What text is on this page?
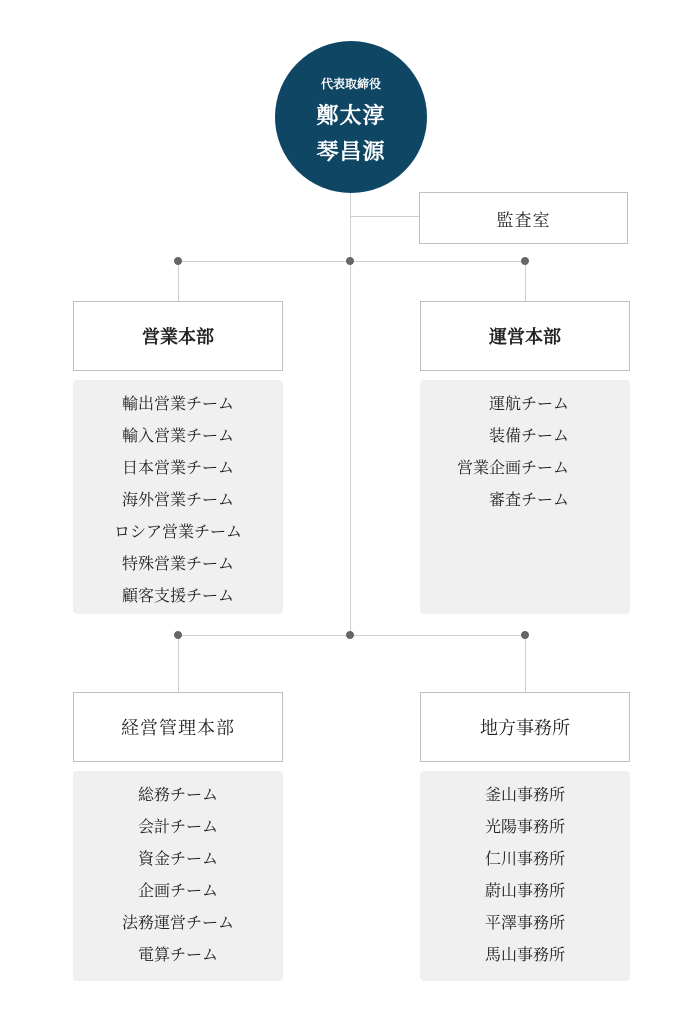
代表取締役
鄭太淳
琴昌源
監査室
営業本部	運営本部
経営管理本部	地方事務所
輸出営業チーム
輸入営業チーム
日本営業チーム
海外営業チーム
ロシア営業チーム
特殊営業チーム
顧客支援チーム
運航チーム
装備チーム
営業企画チーム
審査チーム
総務チーム
会計チーム
資金チーム
企画チーム
法務運営チーム
電算チーム
釜山事務所
光陽事務所
仁川事務所
蔚山事務所
平澤事務所
馬山事務所
